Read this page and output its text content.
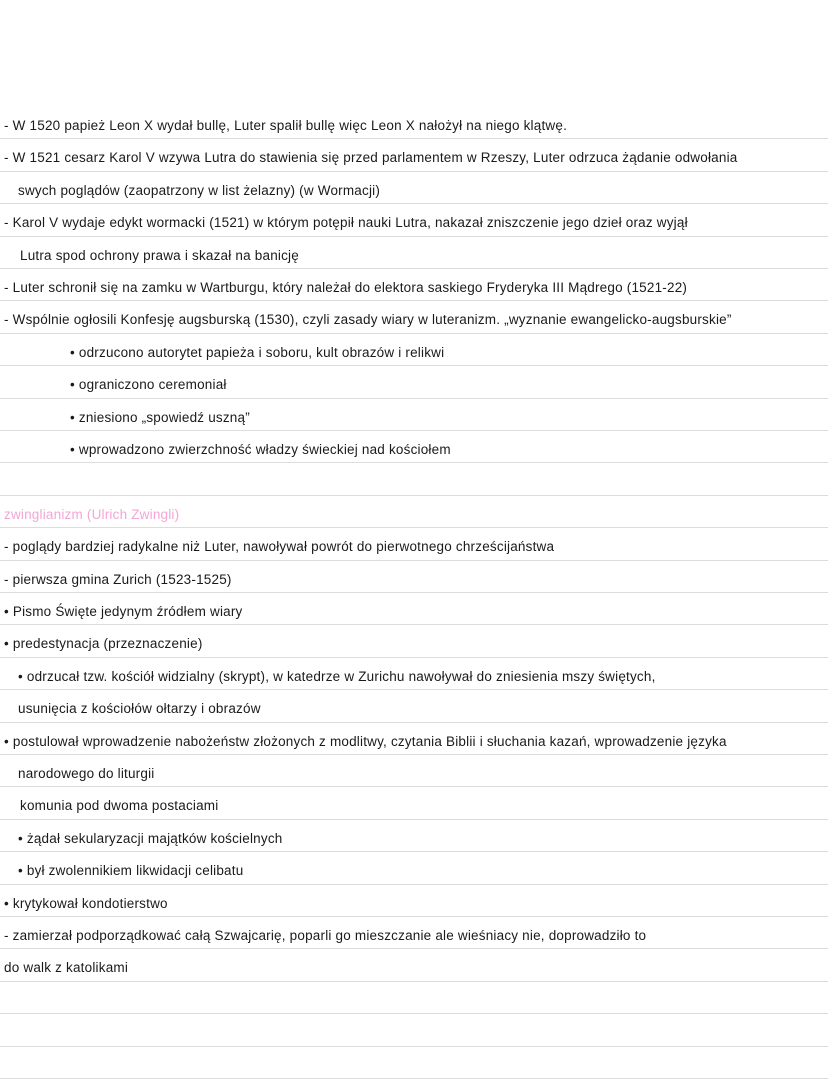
- W 1520 papież Leon X wydał bullę, Luter spalił bullę więc Leon X nałożył na niego klątwę.
- W 1521 cesarz Karol V wzywa Lutra do stawienia się przed parlamentem w Rzeszy, Luter odrzuca żądanie odwołania
swych poglądów (zaopatrzony w list żelazny) (w Wormacji)
- Karol V wydaje edykt wormacki (1521) w którym potępił nauki Lutra, nakazał zniszczenie jego dzieł oraz wyjął
Lutra spod ochrony prawa i skazał na banicję
- Luter schronił się na zamku w Wartburgu, który należał do elektora saskiego Fryderyka III Mądrego (1521-22)
- Wspólnie ogłosili Konfesję augsburską (1530), czyli zasady wiary w luteranizm. „wyznanie ewangelicko-augsburskie”
• odrzucono autorytet papieża i soboru, kult obrazów i relikwi
• ograniczono ceremoniał
• zniesiono „spowiedź uszną”
• wprowadzono zwierzchność władzy świeckiej nad kościołem
zwinglianizm (Ulrich Zwingli)
- poglądy bardziej radykalne niż Luter, nawoływał powrót do pierwotnego chrześcijaństwa
- pierwsza gmina Zurich (1523-1525)
• Pismo Święte jedynym źródłem wiary
• predestynacja (przeznaczenie)
• odrzucał tzw. kościół widzialny (skrypt), w katedrze w Zurichu nawoływał do zniesienia mszy świętych,
usunięcia z kościołów ołtarzy i obrazów
• postulował wprowadzenie nabożeństw złożonych z modlitwy, czytania Biblii i słuchania kazań, wprowadzenie języka
narodowego do liturgii
komunia pod dwoma postaciami
• żądał sekularyzacji majątków kościelnych
• był zwolennikiem likwidacji celibatu
• krytykował kondotierstwo
- zamierzał podporządkować całą Szwajcarię, poparli go mieszczanie ale wieśniacy nie, doprowadziło to
do walk z katolikami
